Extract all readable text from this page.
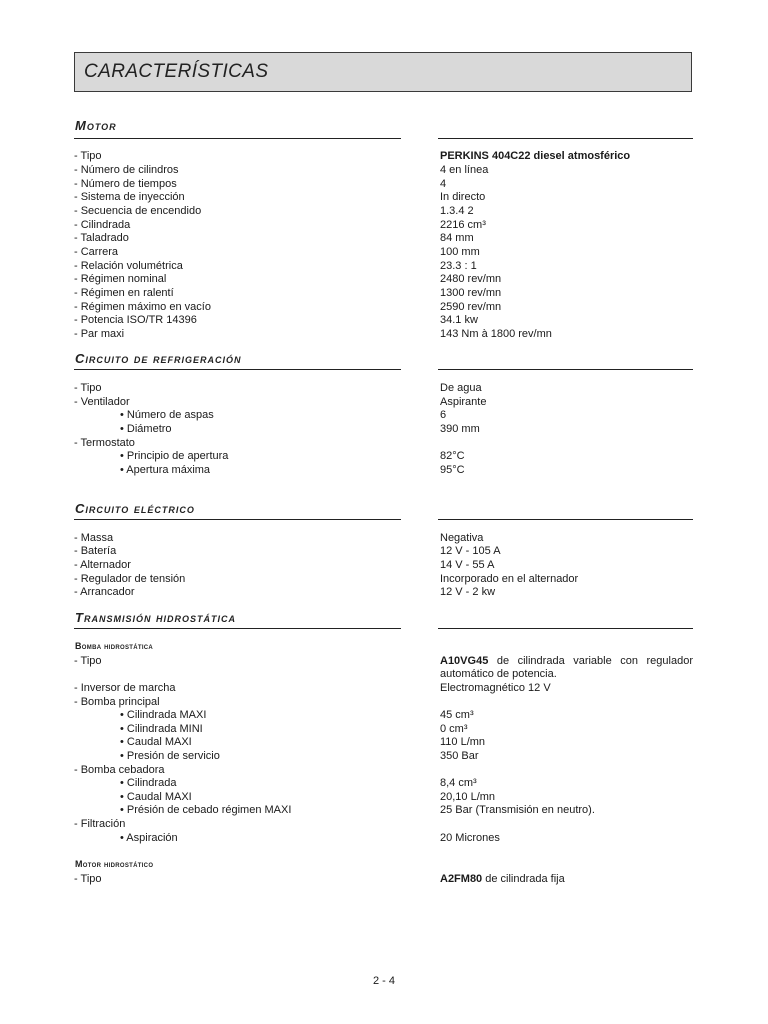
CARACTERÍSTICAS
Motor
- Tipo	PERKINS 404C22 diesel atmosférico
- Número de cilindros	4 en línea
- Número de tiempos	4
- Sistema de inyección	In directo
- Secuencia de encendido	1.3.4 2
- Cilindrada	2216 cm³
- Taladrado	84 mm
- Carrera	100 mm
- Relación volumétrica	23.3 : 1
- Régimen nominal	2480 rev/mn
- Régimen en ralentí	1300 rev/mn
- Régimen máximo en vacío	2590 rev/mn
- Potencia ISO/TR 14396	34.1 kw
- Par maxi	143 Nm à 1800 rev/mn
Circuito de refrigeración
- Tipo	De agua
- Ventilador	Aspirante
• Número de aspas	6
• Diámetro	390 mm
- Termostato
• Principio de apertura	82°C
• Apertura máxima	95°C
Circuito eléctrico
- Massa	Negativa
- Batería	12 V - 105 A
- Alternador	14 V - 55 A
- Regulador de tensión	Incorporado en el alternador
- Arrancador	12 V - 2 kw
Transmisión hidrostática
Bomba hidrostática
- Tipo	A10VG45 de cilindrada variable con regulador automático de potencia.
- Inversor de marcha	Electromagnético 12 V
- Bomba principal
• Cilindrada MAXI	45 cm³
• Cilindrada MINI	0 cm³
• Caudal MAXI	110 L/mn
• Presión de servicio	350 Bar
- Bomba cebadora
• Cilindrada	8,4 cm³
• Caudal MAXI	20,10 L/mn
• Présión de cebado régimen MAXI	25 Bar (Transmisión en neutro).
- Filtración
• Aspiración	20 Micrones
Motor hidrostático
- Tipo	A2FM80 de cilindrada fija
2 - 4
